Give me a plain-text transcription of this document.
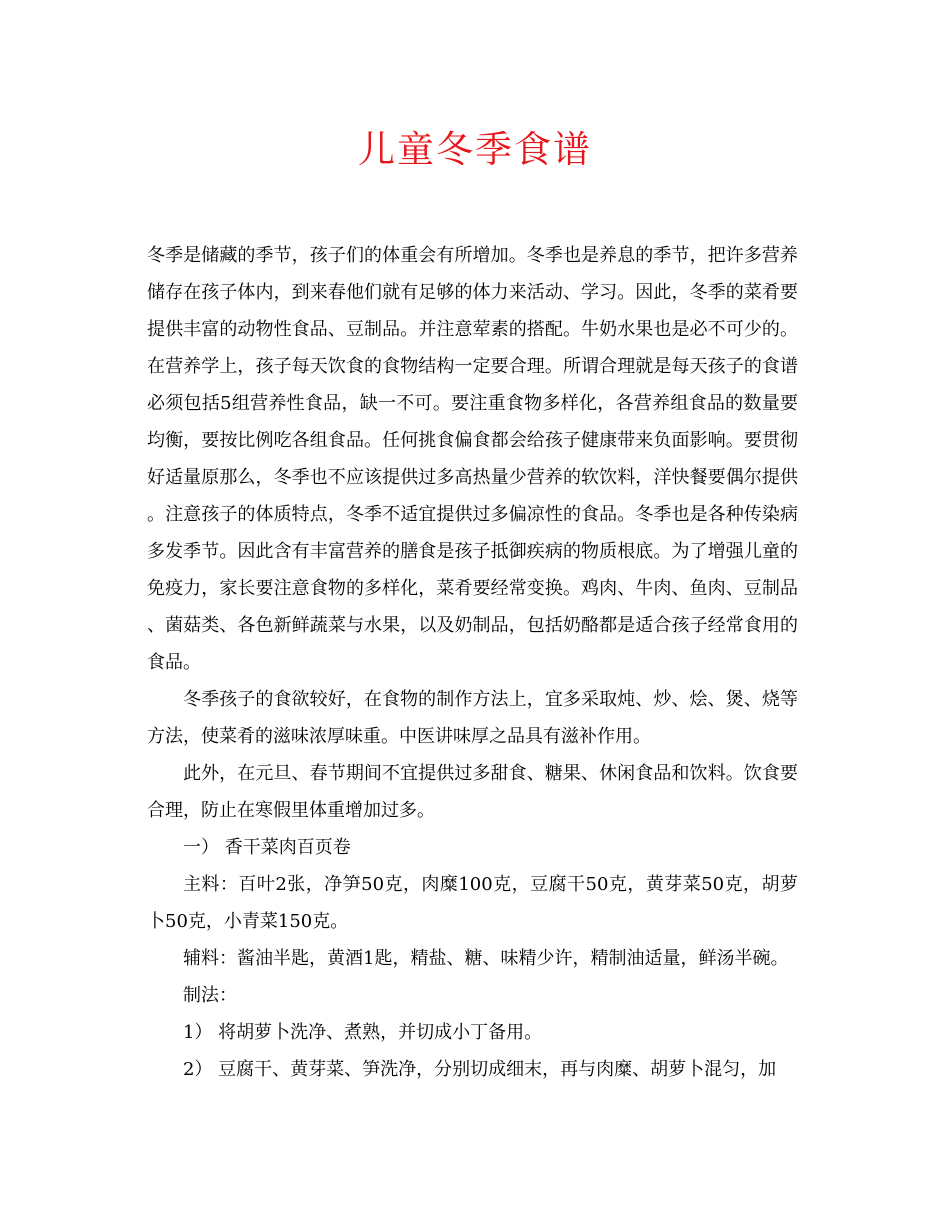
儿童冬季食谱

冬季是储藏的季节，孩子们的体重会有所增加。冬季也是养息的季节，把许多营养储存在孩子体内，到来春他们就有足够的体力来活动、学习。因此，冬季的菜肴要提供丰富的动物性食品、豆制品。并注意荤素的搭配。牛奶水果也是必不可少的。在营养学上，孩子每天饮食的食物结构一定要合理。所谓合理就是每天孩子的食谱必须包括5组营养性食品，缺一不可。要注重食物多样化，各营养组食品的数量要均衡，要按比例吃各组食品。任何挑食偏食都会给孩子健康带来负面影响。要贯彻好适量原那么，冬季也不应该提供过多高热量少营养的软饮料，洋快餐要偶尔提供。注意孩子的体质特点，冬季不适宜提供过多偏凉性的食品。冬季也是各种传染病多发季节。因此含有丰富营养的膳食是孩子抵御疾病的物质根底。为了增强儿童的免疫力，家长要注意食物的多样化，菜肴要经常变换。鸡肉、牛肉、鱼肉、豆制品、菌菇类、各色新鲜蔬菜与水果，以及奶制品，包括奶酪都是适合孩子经常食用的食品。

冬季孩子的食欲较好，在食物的制作方法上，宜多采取炖、炒、烩、煲、烧等方法，使菜肴的滋味浓厚味重。中医讲味厚之品具有滋补作用。

此外，在元旦、春节期间不宜提供过多甜食、糖果、休闲食品和饮料。饮食要合理，防止在寒假里体重增加过多。

一） 香干菜肉百页卷

主料：百叶2张，净笋50克，肉糜100克，豆腐干50克，黄芽菜50克，胡萝卜50克，小青菜150克。

辅料：酱油半匙，黄酒1匙，精盐、糖、味精少许，精制油适量，鲜汤半碗。

制法：

1） 将胡萝卜洗净、煮熟，并切成小丁备用。

2） 豆腐干、黄芽菜、笋洗净，分别切成细末，再与肉糜、胡萝卜混匀，加
